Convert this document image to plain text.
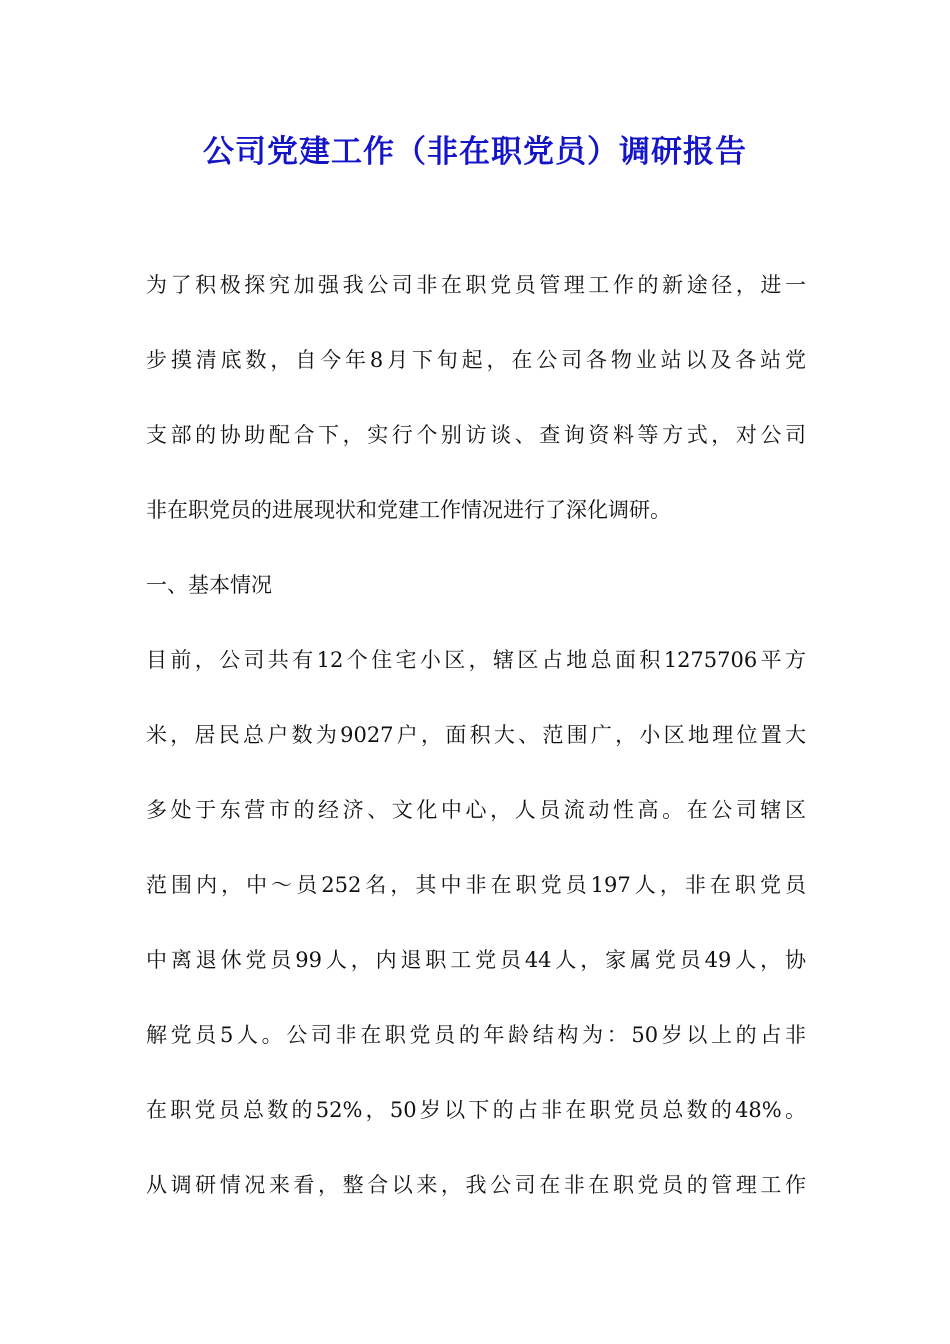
公司党建工作（非在职党员）调研报告
为了积极探究加强我公司非在职党员管理工作的新途径，进一
步摸清底数，自今年8月下旬起，在公司各物业站以及各站党
支部的协助配合下，实行个别访谈、查询资料等方式，对公司
非在职党员的进展现状和党建工作情况进行了深化调研。
一、基本情况
目前，公司共有12个住宅小区，辖区占地总面积1275706平方
米，居民总户数为9027户，面积大、范围广，小区地理位置大
多处于东营市的经济、文化中心，人员流动性高。在公司辖区
范围内，中～员252名，其中非在职党员197人，非在职党员
中离退休党员99人，内退职工党员44人，家属党员49人，协
解党员5人。公司非在职党员的年龄结构为：50岁以上的占非
在职党员总数的52%，50岁以下的占非在职党员总数的48%。
从调研情况来看，整合以来，我公司在非在职党员的管理工作
